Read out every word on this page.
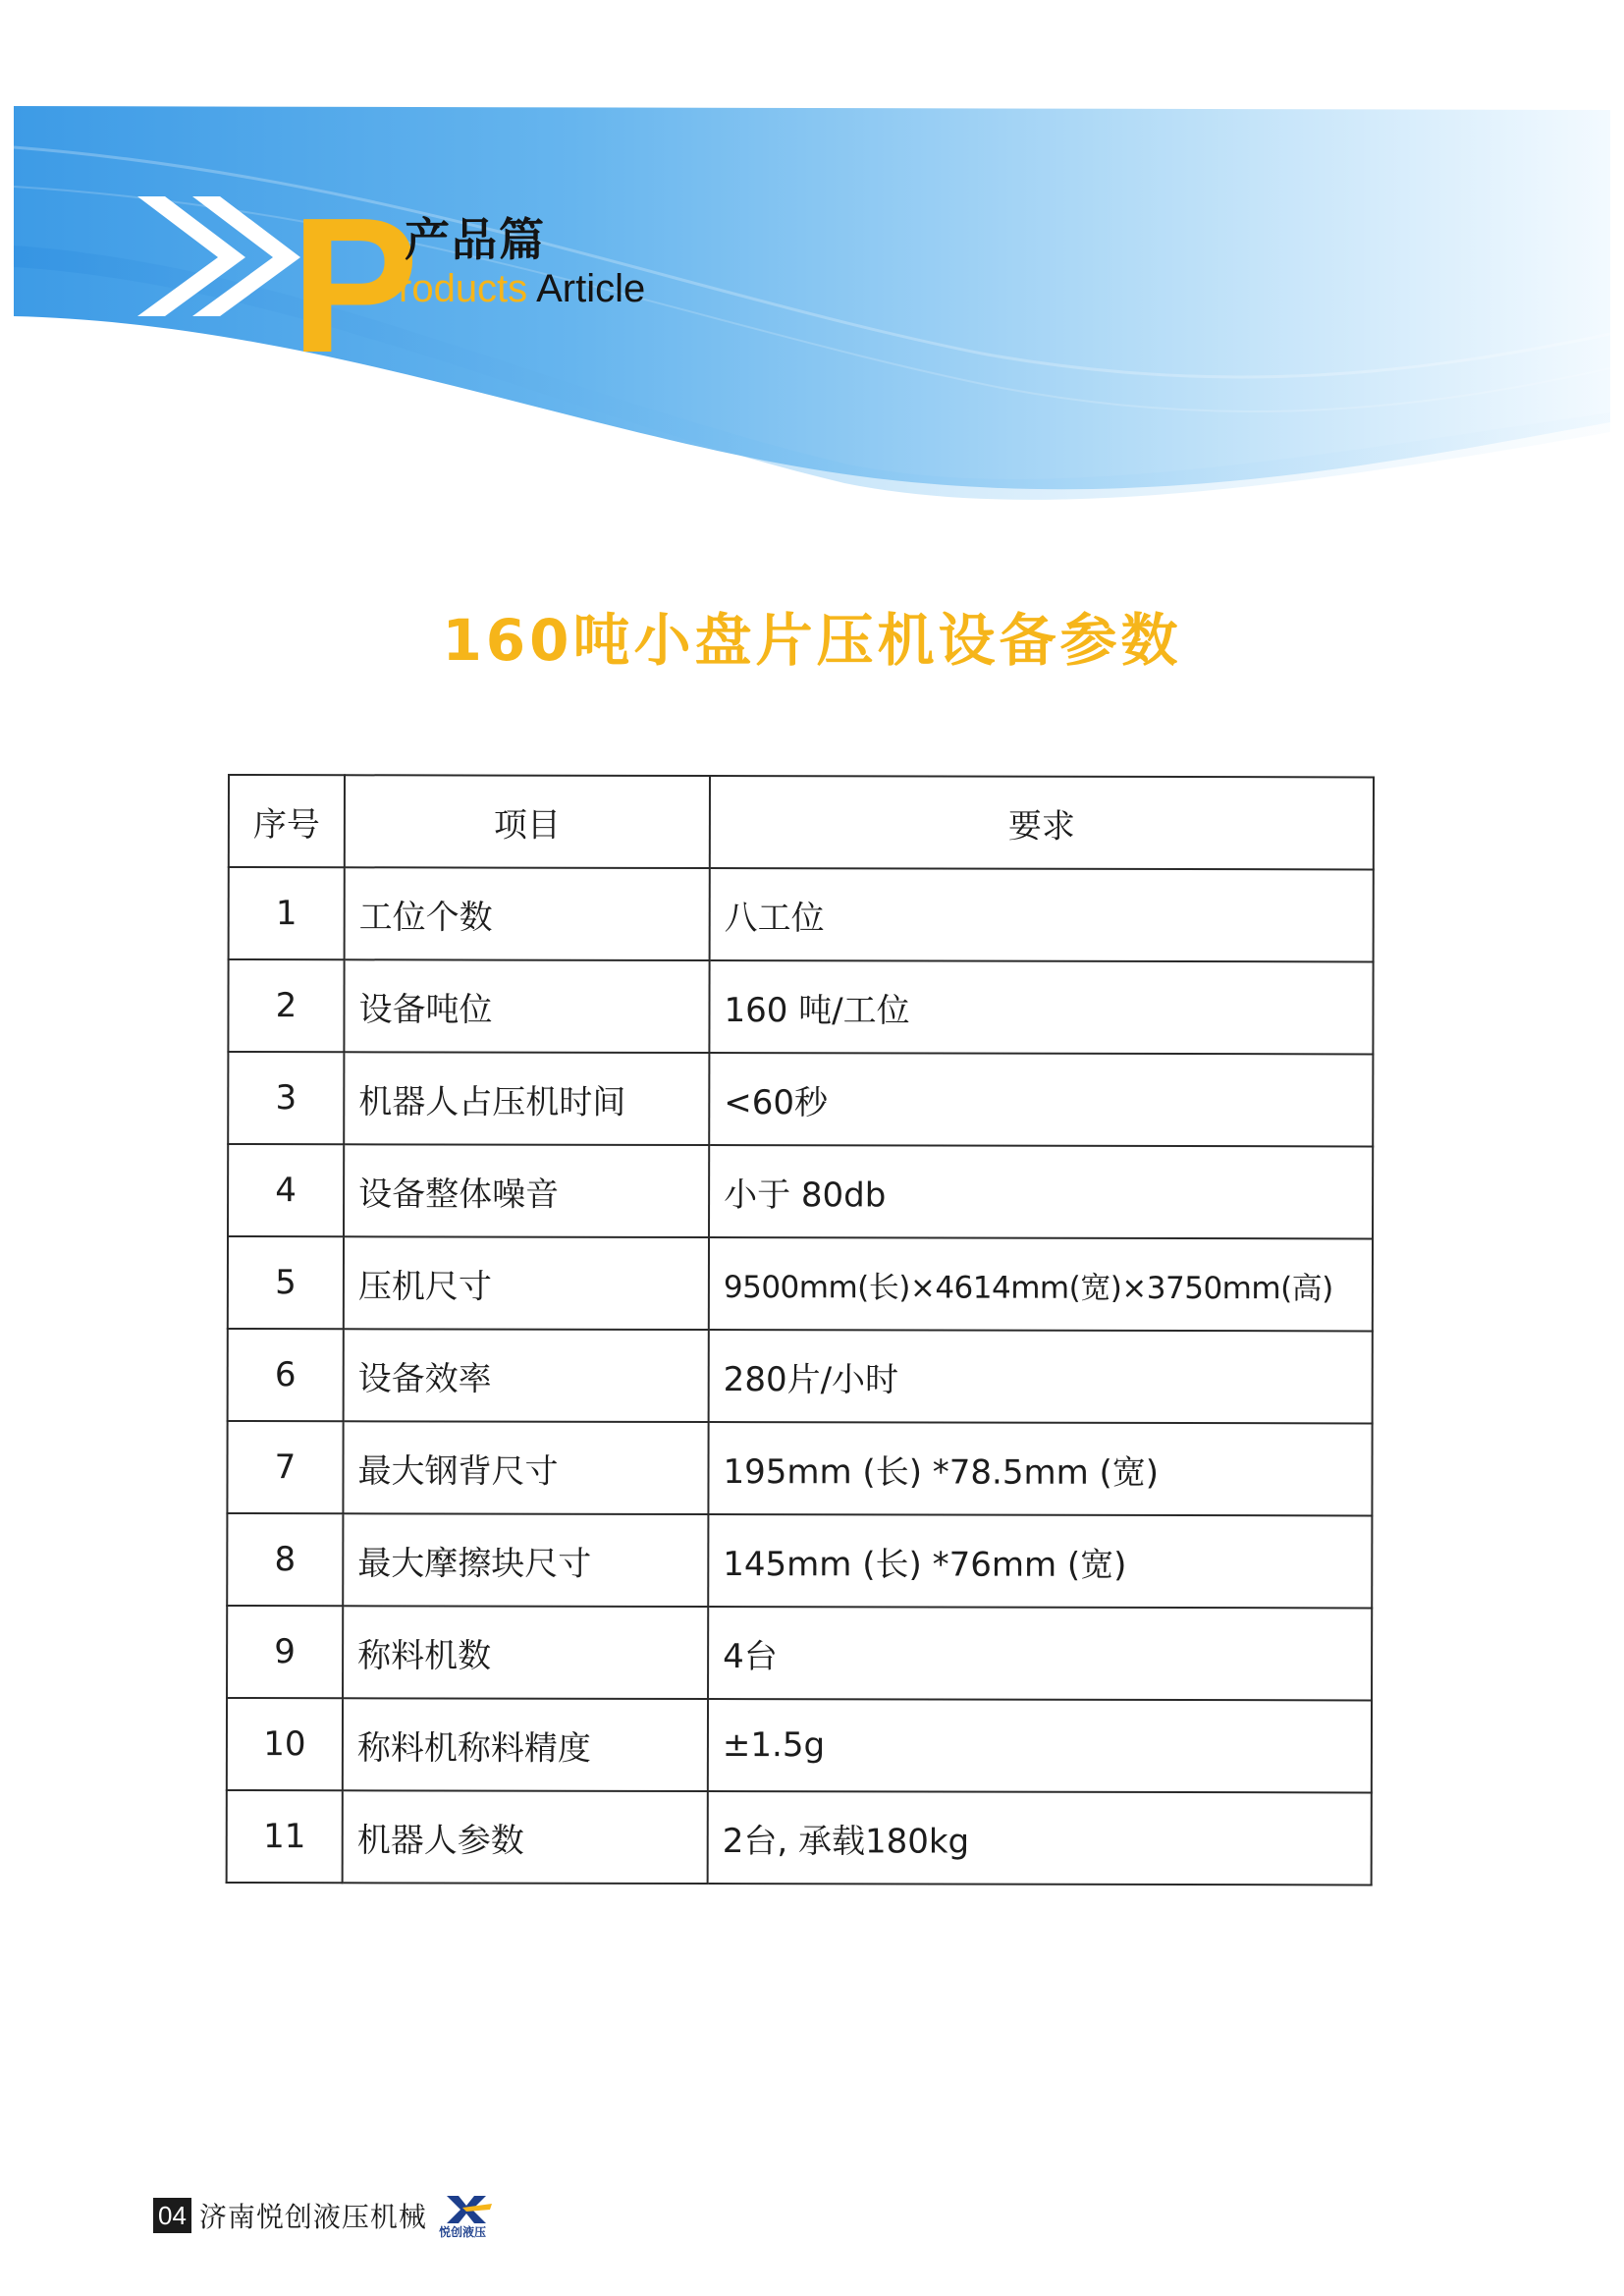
P
产品篇
roducts Article
160吨小盘片压机设备参数
序号	项目	要求
1	工位个数	八工位
2	设备吨位	160 吨/工位
3	机器人占压机时间	<60秒
4	设备整体噪音	小于 80db
5	压机尺寸	9500mm(长)×4614mm(宽)×3750mm(高)
6	设备效率	280片/小时
7	最大钢背尺寸	195mm (长) *78.5mm (宽)
8	最大摩擦块尺寸	145mm (长) *76mm (宽)
9	称料机数	4台
10	称料机称料精度	±1.5g
11	机器人参数	2台, 承载180kg
04 济南悦创液压机械 悦创液压
